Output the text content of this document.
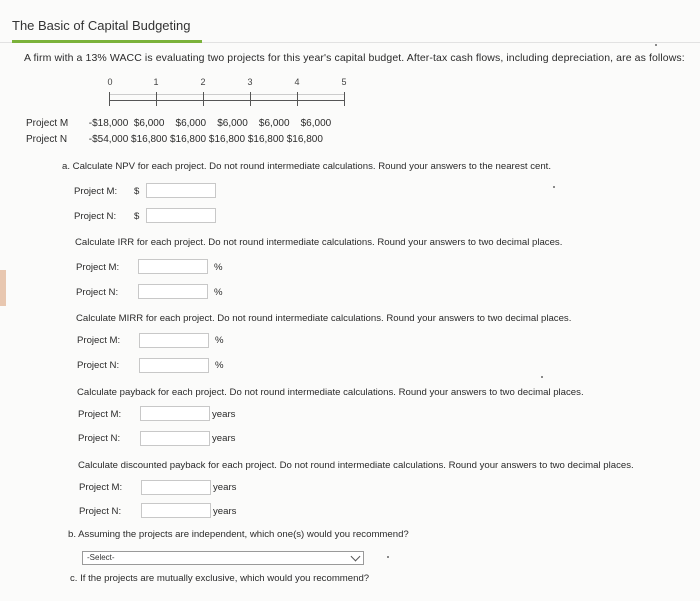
The Basic of Capital Budgeting
A firm with a 13% WACC is evaluating two projects for this year's capital budget. After-tax cash flows, including depreciation, are as follows:
0	1	2	3	4	5
Project M -$18,000  $6,000    $6,000    $6,000    $6,000    $6,000
Project N -$54,000 $16,800 $16,800 $16,800 $16,800 $16,800
a. Calculate NPV for each project. Do not round intermediate calculations. Round your answers to the nearest cent.
Project M: $
Project N: $
Calculate IRR for each project. Do not round intermediate calculations. Round your answers to two decimal places.
Project M:	%
Project N:	%
Calculate MIRR for each project. Do not round intermediate calculations. Round your answers to two decimal places.
Project M:	%
Project N:	%
Calculate payback for each project. Do not round intermediate calculations. Round your answers to two decimal places.
Project M:	years
Project N:	years
Calculate discounted payback for each project. Do not round intermediate calculations. Round your answers to two decimal places.
Project M:	years
Project N:	years
b. Assuming the projects are independent, which one(s) would you recommend?
-Select-
c. If the projects are mutually exclusive, which would you recommend?
